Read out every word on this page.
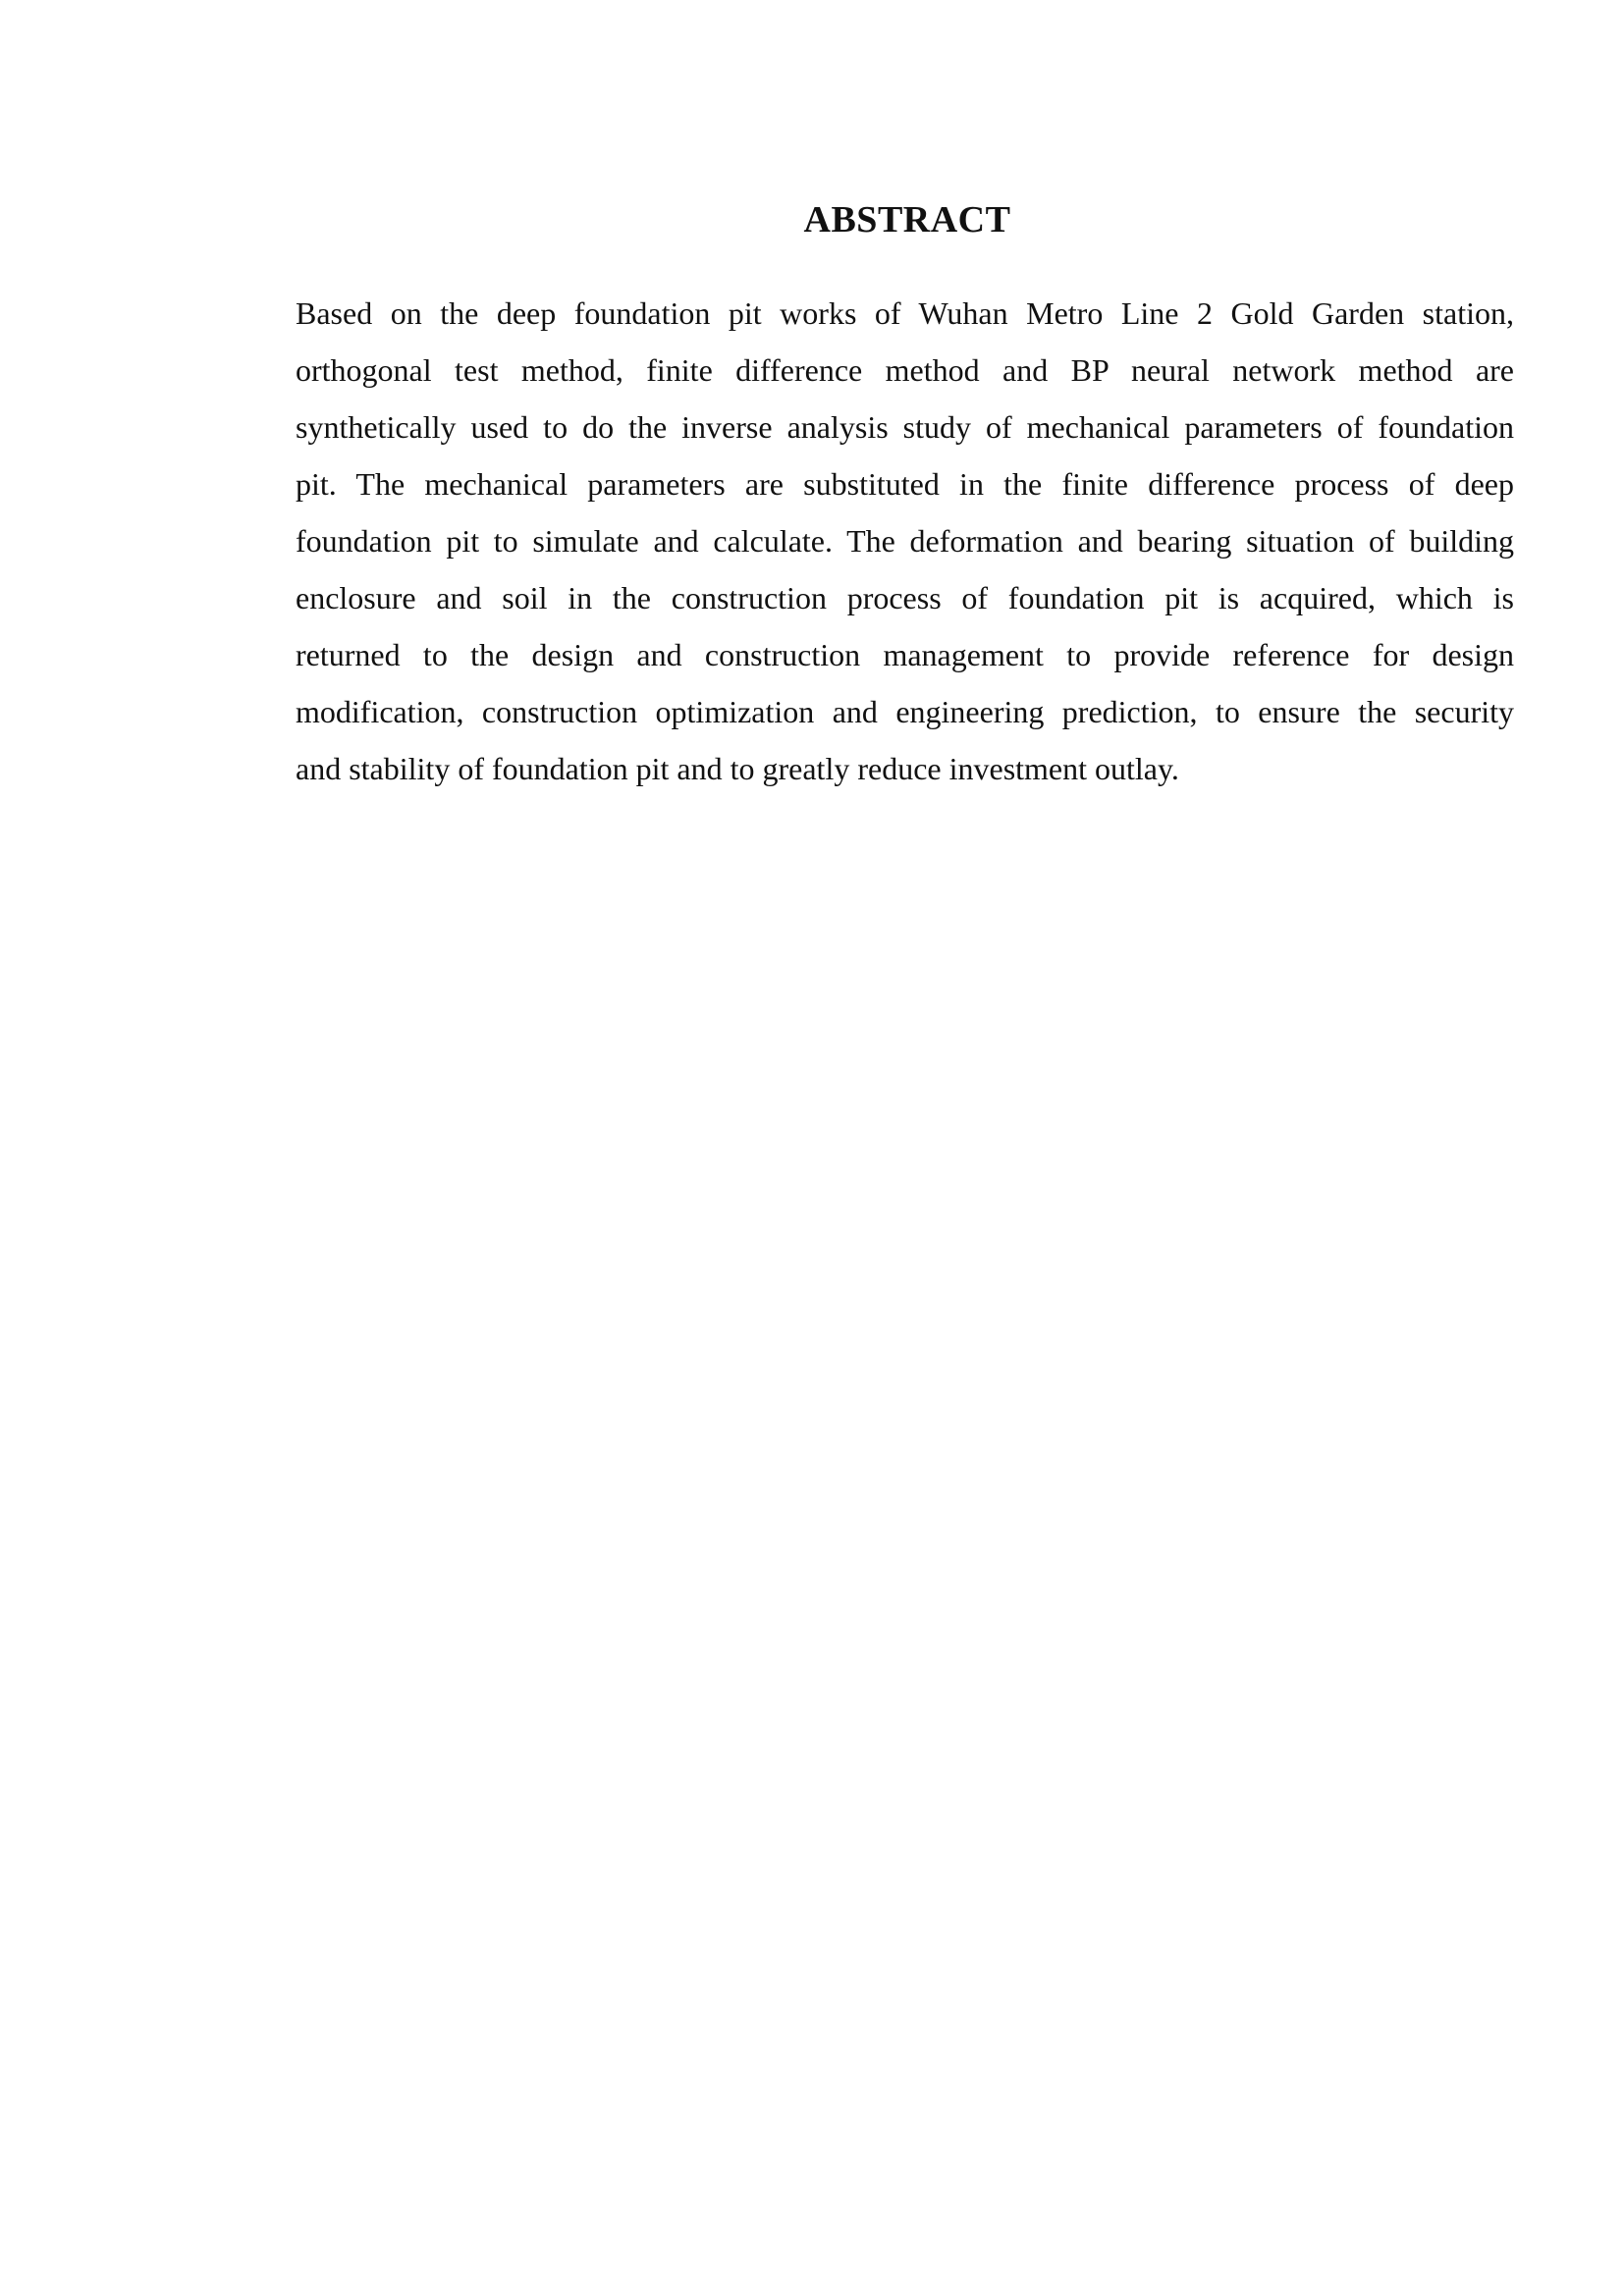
ABSTRACT

Based on the deep foundation pit works of Wuhan Metro Line 2 Gold Garden station,
orthogonal test method, finite difference method and BP neural network method are
synthetically used to do the inverse analysis study of mechanical parameters of foundation
pit. The mechanical parameters are substituted in the finite difference process of deep
foundation pit to simulate and calculate. The deformation and bearing situation of building
enclosure and soil in the construction process of foundation pit is acquired, which is
returned to the design and construction management to provide reference for design
modification, construction optimization and engineering prediction, to ensure the security
and stability of foundation pit and to greatly reduce investment outlay.
